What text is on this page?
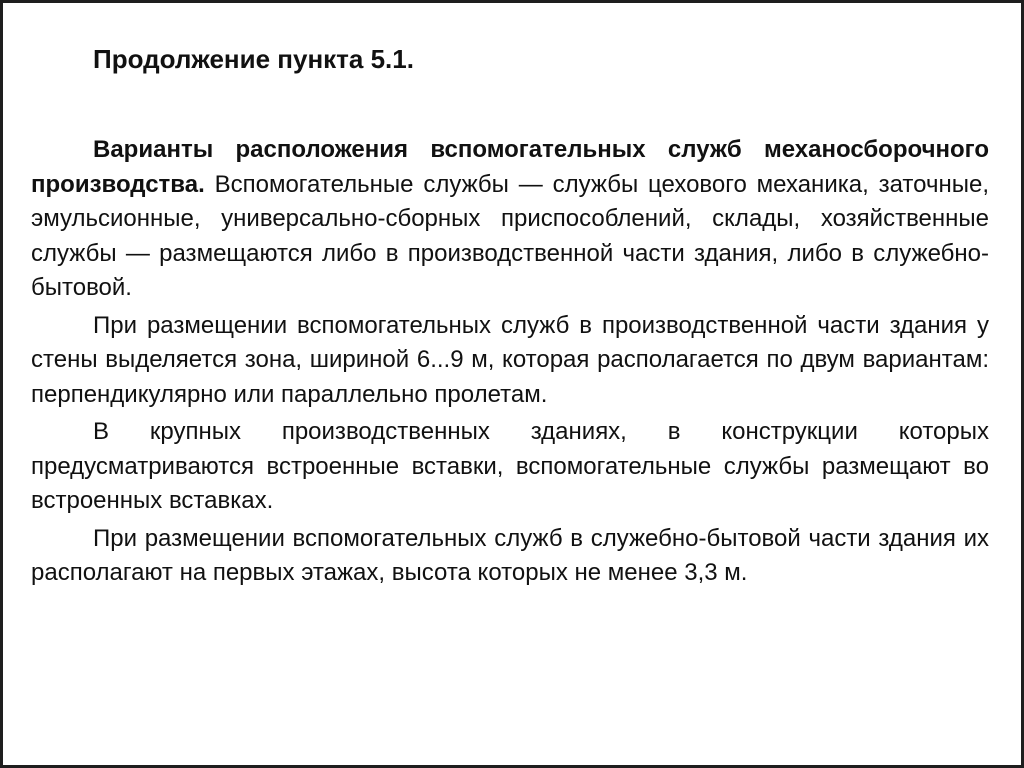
Продолжение пункта 5.1.

Варианты расположения вспомогательных служб механосборочного производства. Вспомогательные службы — службы цехового механика, заточные, эмульсионные, универсально-сборных приспособлений, склады, хозяйственные службы — размещаются либо в производственной части здания, либо в служебно-бытовой.

При размещении вспомогательных служб в производственной части здания у стены выделяется зона, шириной 6...9 м, которая располагается по двум вариантам: перпендикулярно или параллельно пролетам.

В крупных производственных зданиях, в конструкции которых предусматриваются встроенные вставки, вспомогательные службы размещают во встроенных вставках.

При размещении вспомогательных служб в служебно-бытовой части здания их располагают на первых этажах, высота которых не менее 3,3 м.
